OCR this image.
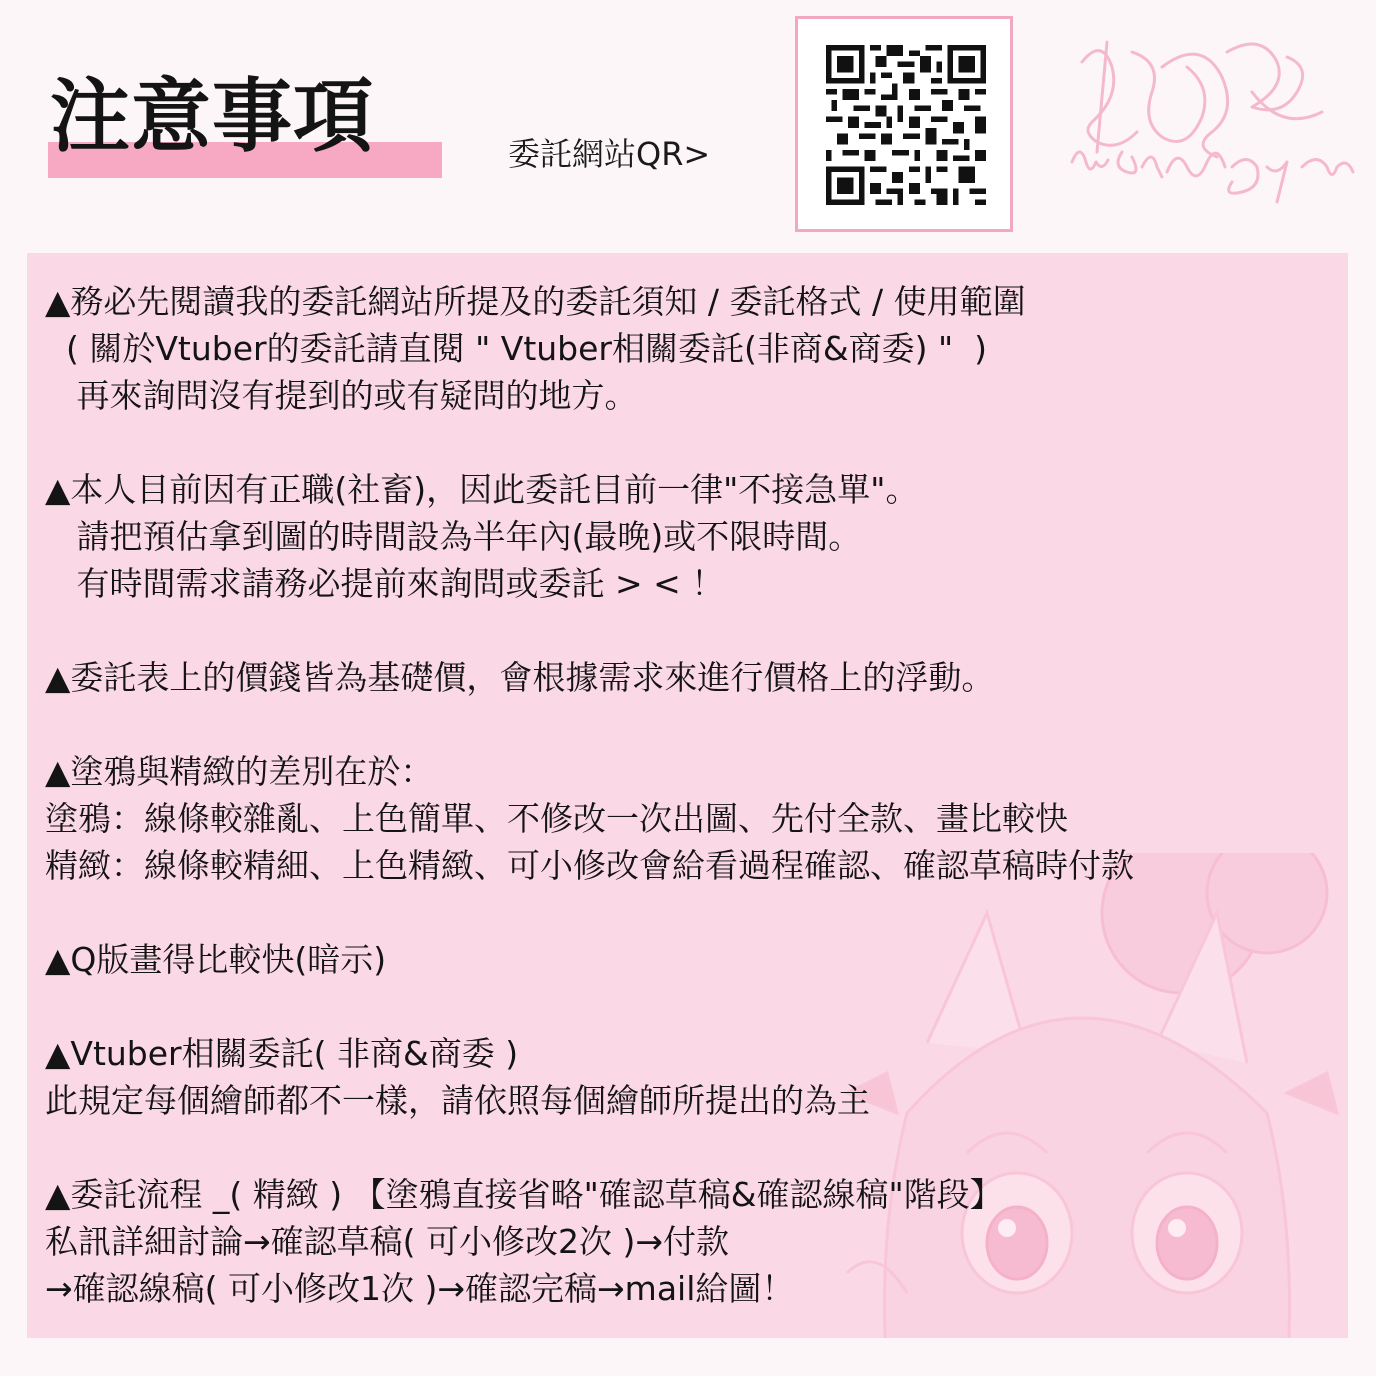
注意事項	委託網站QR>

▲務必先閱讀我的委託網站所提及的委託須知 / 委託格式 / 使用範圍

( 關於Vtuber的委託請直閱 " Vtuber相關委託(非商&商委) "  )

再來詢問沒有提到的或有疑問的地方。

▲本人目前因有正職(社畜)，因此委託目前一律"不接急單"。

請把預估拿到圖的時間設為半年內(最晚)或不限時間。

有時間需求請務必提前來詢問或委託 > < ！

▲委託表上的價錢皆為基礎價，會根據需求來進行價格上的浮動。

▲塗鴉與精緻的差別在於：

塗鴉：線條較雜亂、上色簡單、不修改一次出圖、先付全款、畫比較快

精緻：線條較精細、上色精緻、可小修改會給看過程確認、確認草稿時付款

▲Q版畫得比較快(暗示)

▲Vtuber相關委託( 非商&商委 )

此規定每個繪師都不一樣，請依照每個繪師所提出的為主

▲委託流程 _( 精緻 ) 【塗鴉直接省略"確認草稿&確認線稿"階段】

私訊詳細討論→確認草稿( 可小修改2次 )→付款

→確認線稿( 可小修改1次 )→確認完稿→mail給圖！
